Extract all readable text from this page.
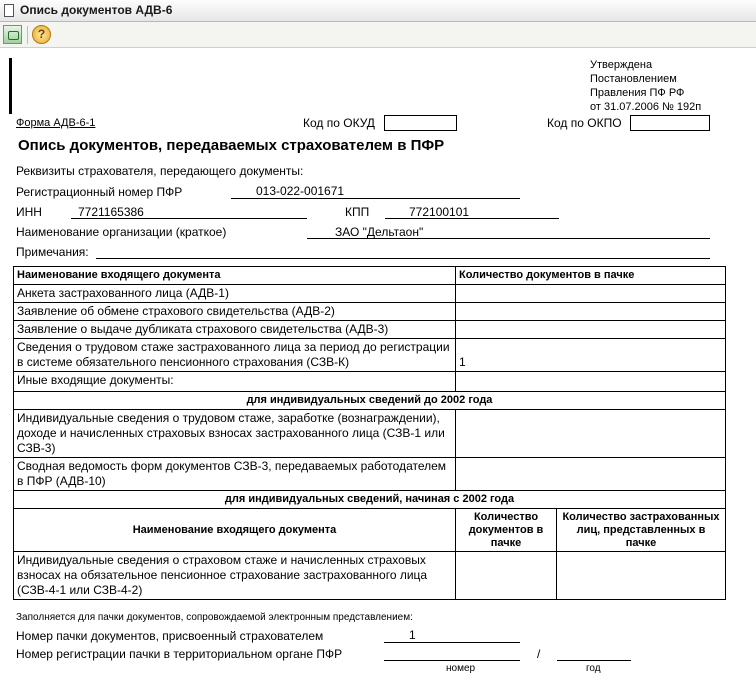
Опись документов АДВ-6
?
Утверждена
Постановлением
Правления ПФ РФ
от 31.07.2006 № 192п
Форма АДВ-6-1	Код по ОКУД	Код по ОКПО
Опись документов, передаваемых страхователем в ПФР
Реквизиты страхователя, передающего документы:
Регистрационный номер ПФР	013-022-001671
ИНН	7721165386	КПП	772100101
Наименование организации (краткое)	ЗАО "Дельтаон"
Примечания:
Наименование входящего документа	Количество документов в пачке	
Анкета застрахованного лица (АДВ-1)		
Заявление об обмене страхового свидетельства (АДВ-2)		
Заявление о выдаче дубликата страхового свидетельства (АДВ-3)		
Сведения о трудовом стаже застрахованного лица за период до регистрации в системе обязательного пенсионного страхования (СЗВ-К)	1	
Иные входящие документы:		
для индивидуальных сведений до 2002 года		
Индивидуальные сведения о трудовом стаже, заработке (вознаграждении), доходе и начисленных страховых взносах застрахованного лица (СЗВ-1 или СЗВ-3)		
Сводная ведомость форм документов СЗВ-3, передаваемых работодателем в ПФР (АДВ-10)		
для индивидуальных сведений, начиная с 2002 года		
Наименование входящего документа	Количество документов в пачке	Количество застрахованных лиц, представленных в пачке
Индивидуальные сведения о страховом стаже и начисленных страховых взносах на обязательное пенсионное страхование застрахованного лица (СЗВ-4-1 или СЗВ-4-2)		
Заполняется для пачки документов, сопровождаемой электронным представлением:
Номер пачки документов, присвоенный страхователем	1
Номер регистрации пачки в территориальном органе ПФР	/
номер	год
